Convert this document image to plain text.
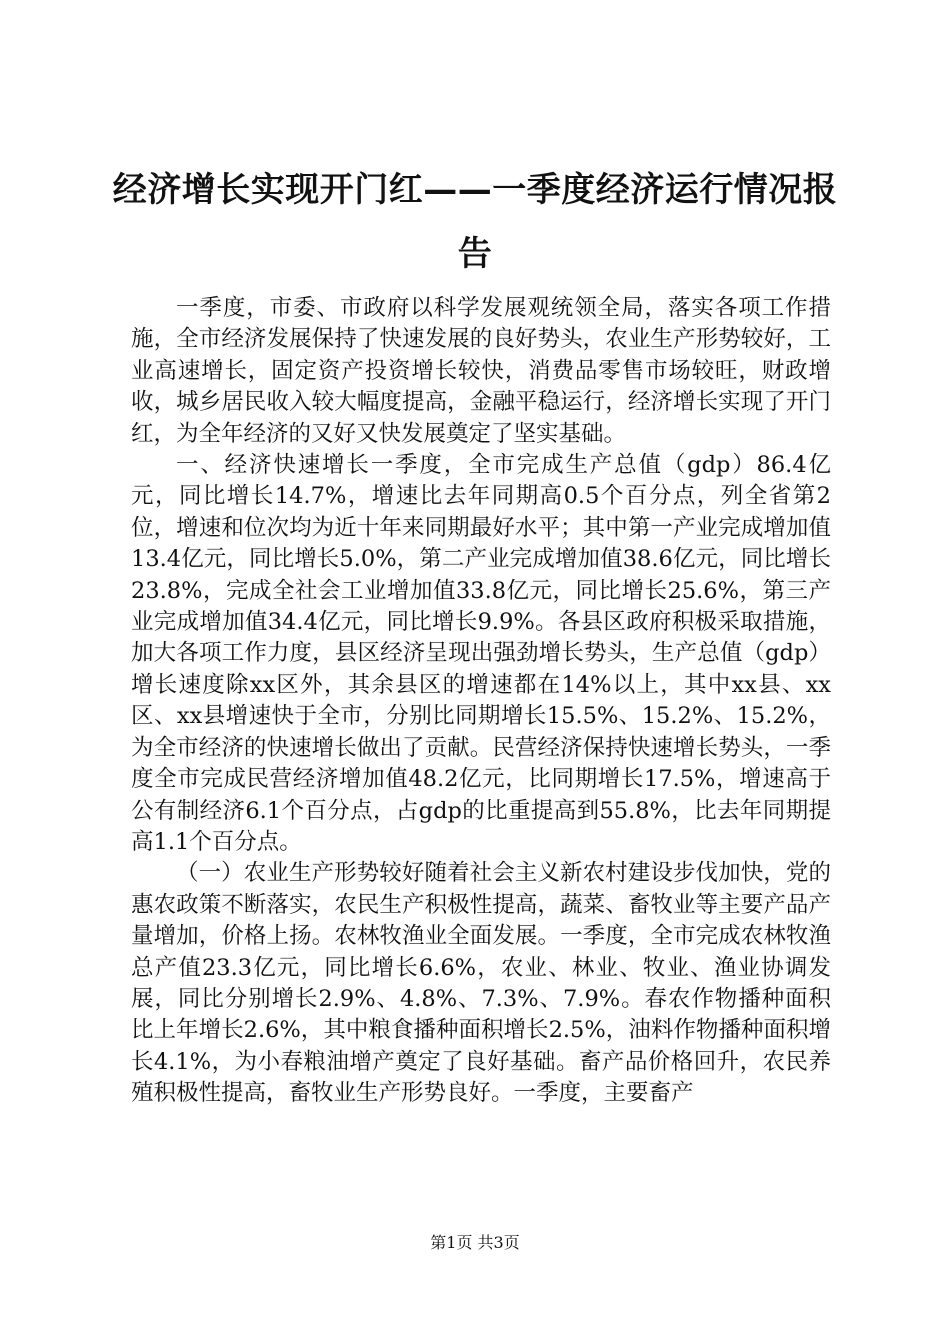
经济增长实现开门红——一季度经济运行情况报告

一季度，市委、市政府以科学发展观统领全局，落实各项工作措施，全市经济发展保持了快速发展的良好势头，农业生产形势较好，工业高速增长，固定资产投资增长较快，消费品零售市场较旺，财政增收，城乡居民收入较大幅度提高，金融平稳运行，经济增长实现了开门红，为全年经济的又好又快发展奠定了坚实基础。

一、经济快速增长一季度，全市完成生产总值（gdp）86.4亿元，同比增长14.7%，增速比去年同期高0.5个百分点，列全省第2位，增速和位次均为近十年来同期最好水平；其中第一产业完成增加值13.4亿元，同比增长5.0%，第二产业完成增加值38.6亿元，同比增长23.8%，完成全社会工业增加值33.8亿元，同比增长25.6%，第三产业完成增加值34.4亿元，同比增长9.9%。各县区政府积极采取措施，加大各项工作力度，县区经济呈现出强劲增长势头，生产总值（gdp）增长速度除xx区外，其余县区的增速都在14%以上，其中xx县、xx区、xx县增速快于全市，分别比同期增长15.5%、15.2%、15.2%，为全市经济的快速增长做出了贡献。民营经济保持快速增长势头，一季度全市完成民营经济增加值48.2亿元，比同期增长17.5%，增速高于公有制经济6.1个百分点，占gdp的比重提高到55.8%，比去年同期提高1.1个百分点。

（一）农业生产形势较好随着社会主义新农村建设步伐加快，党的惠农政策不断落实，农民生产积极性提高，蔬菜、畜牧业等主要产品产量增加，价格上扬。农林牧渔业全面发展。一季度，全市完成农林牧渔总产值23.3亿元，同比增长6.6%，农业、林业、牧业、渔业协调发展，同比分别增长2.9%、4.8%、7.3%、7.9%。春农作物播种面积比上年增长2.6%，其中粮食播种面积增长2.5%，油料作物播种面积增长4.1%，为小春粮油增产奠定了良好基础。畜产品价格回升，农民养殖积极性提高，畜牧业生产形势良好。一季度，主要畜产

第1页 共3页
